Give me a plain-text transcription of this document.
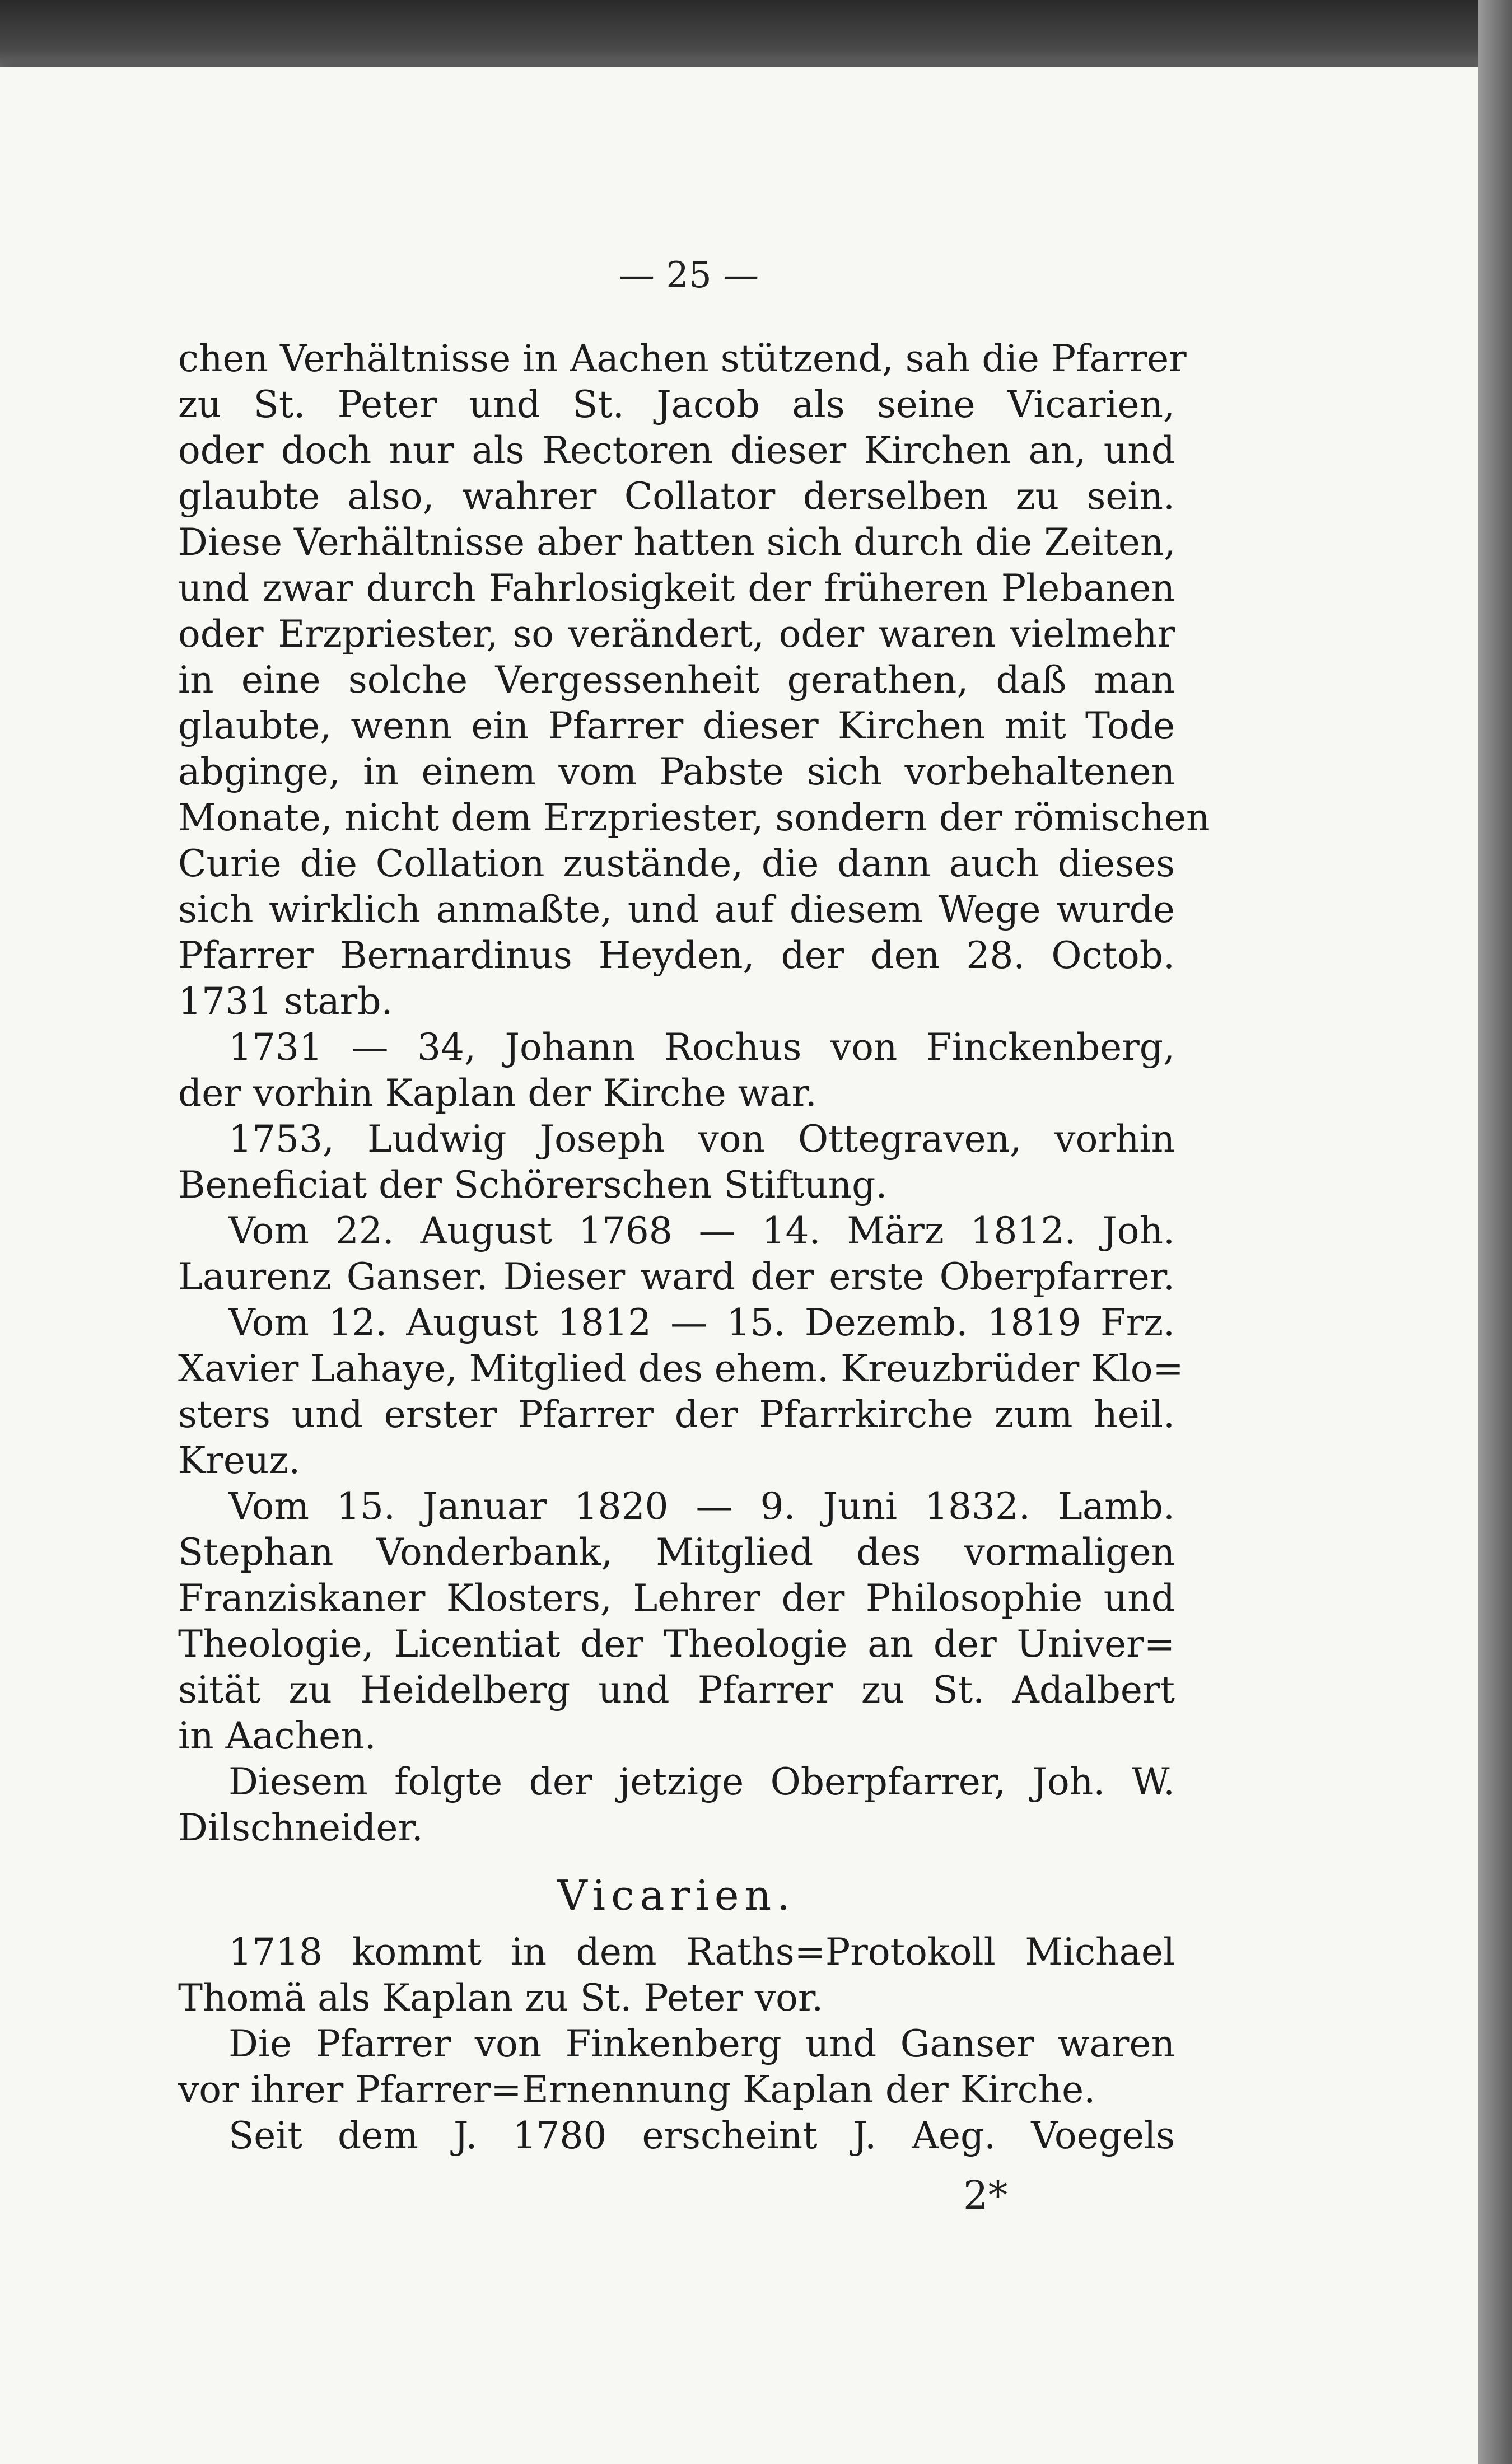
— 25 —
chen Verhältnisse in Aachen stützend, sah die Pfarrer
zu St. Peter und St. Jacob als seine Vicarien,
oder doch nur als Rectoren dieser Kirchen an, und
glaubte also, wahrer Collator derselben zu sein.
Diese Verhältnisse aber hatten sich durch die Zeiten,
und zwar durch Fahrlosigkeit der früheren Plebanen
oder Erzpriester, so verändert, oder waren vielmehr
in eine solche Vergessenheit gerathen, daß man
glaubte, wenn ein Pfarrer dieser Kirchen mit Tode
abginge, in einem vom Pabste sich vorbehaltenen
Monate, nicht dem Erzpriester, sondern der römischen
Curie die Collation zustände, die dann auch dieses
sich wirklich anmaßte, und auf diesem Wege wurde
Pfarrer Bernardinus Heyden, der den 28. Octob.
1731 starb.
1731 — 34, Johann Rochus von Finckenberg,
der vorhin Kaplan der Kirche war.
1753, Ludwig Joseph von Ottegraven, vorhin
Beneficiat der Schörerschen Stiftung.
Vom 22. August 1768 — 14. März 1812. Joh.
Laurenz Ganser. Dieser ward der erste Oberpfarrer.
Vom 12. August 1812 — 15. Dezemb. 1819 Frz.
Xavier Lahaye, Mitglied des ehem. Kreuzbrüder Klo=
sters und erster Pfarrer der Pfarrkirche zum heil.
Kreuz.
Vom 15. Januar 1820 — 9. Juni 1832. Lamb.
Stephan Vonderbank, Mitglied des vormaligen
Franziskaner Klosters, Lehrer der Philosophie und
Theologie, Licentiat der Theologie an der Univer=
sität zu Heidelberg und Pfarrer zu St. Adalbert
in Aachen.
Diesem folgte der jetzige Oberpfarrer, Joh. W.
Dilschneider.
Vicarien.
1718 kommt in dem Raths=Protokoll Michael
Thomä als Kaplan zu St. Peter vor.
Die Pfarrer von Finkenberg und Ganser waren
vor ihrer Pfarrer=Ernennung Kaplan der Kirche.
Seit dem J. 1780 erscheint J. Aeg. Voegels
2*
